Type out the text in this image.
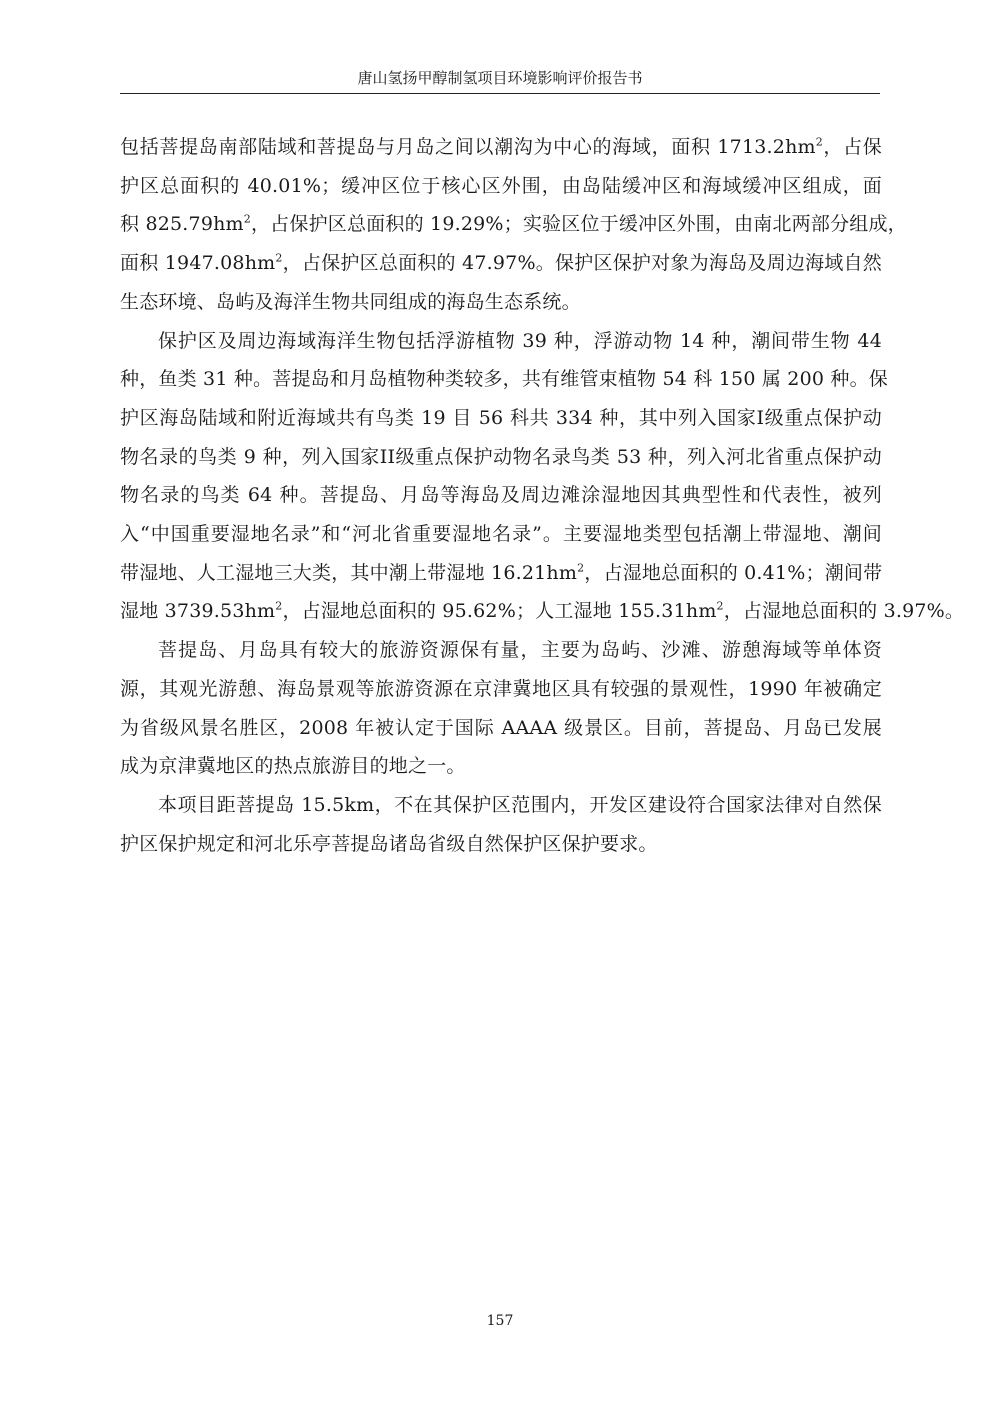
唐山氢扬甲醇制氢项目环境影响评价报告书

包括菩提岛南部陆域和菩提岛与月岛之间以潮沟为中心的海域，面积 $1713.2hm^2$，占保
护区总面积的 40.01%；缓冲区位于核心区外围，由岛陆缓冲区和海域缓冲区组成，面
积 $825.79hm^2$，占保护区总面积的 19.29%；实验区位于缓冲区外围，由南北两部分组成，
面积 $1947.08hm^2$，占保护区总面积的 47.97%。保护区保护对象为海岛及周边海域自然
生态环境、岛屿及海洋生物共同组成的海岛生态系统。

保护区及周边海域海洋生物包括浮游植物 39 种，浮游动物 14 种，潮间带生物 44
种，鱼类 31 种。菩提岛和月岛植物种类较多，共有维管束植物 54 科 150 属 200 种。保
护区海岛陆域和附近海域共有鸟类 19 目 56 科共 334 种，其中列入国家I级重点保护动
物名录的鸟类 9 种，列入国家II级重点保护动物名录鸟类 53 种，列入河北省重点保护动
物名录的鸟类 64 种。菩提岛、月岛等海岛及周边滩涂湿地因其典型性和代表性，被列
入“中国重要湿地名录”和“河北省重要湿地名录”。主要湿地类型包括潮上带湿地、潮间
带湿地、人工湿地三大类，其中潮上带湿地 $16.21hm^2$，占湿地总面积的 0.41%；潮间带
湿地 $3739.53hm^2$，占湿地总面积的 95.62%；人工湿地 $155.31hm^2$，占湿地总面积的 3.97%。

菩提岛、月岛具有较大的旅游资源保有量，主要为岛屿、沙滩、游憩海域等单体资
源，其观光游憩、海岛景观等旅游资源在京津冀地区具有较强的景观性，1990 年被确定
为省级风景名胜区，2008 年被认定于国际 AAAA 级景区。目前，菩提岛、月岛已发展
成为京津冀地区的热点旅游目的地之一。

本项目距菩提岛 15.5km，不在其保护区范围内，开发区建设符合国家法律对自然保
护区保护规定和河北乐亭菩提岛诸岛省级自然保护区保护要求。

157
